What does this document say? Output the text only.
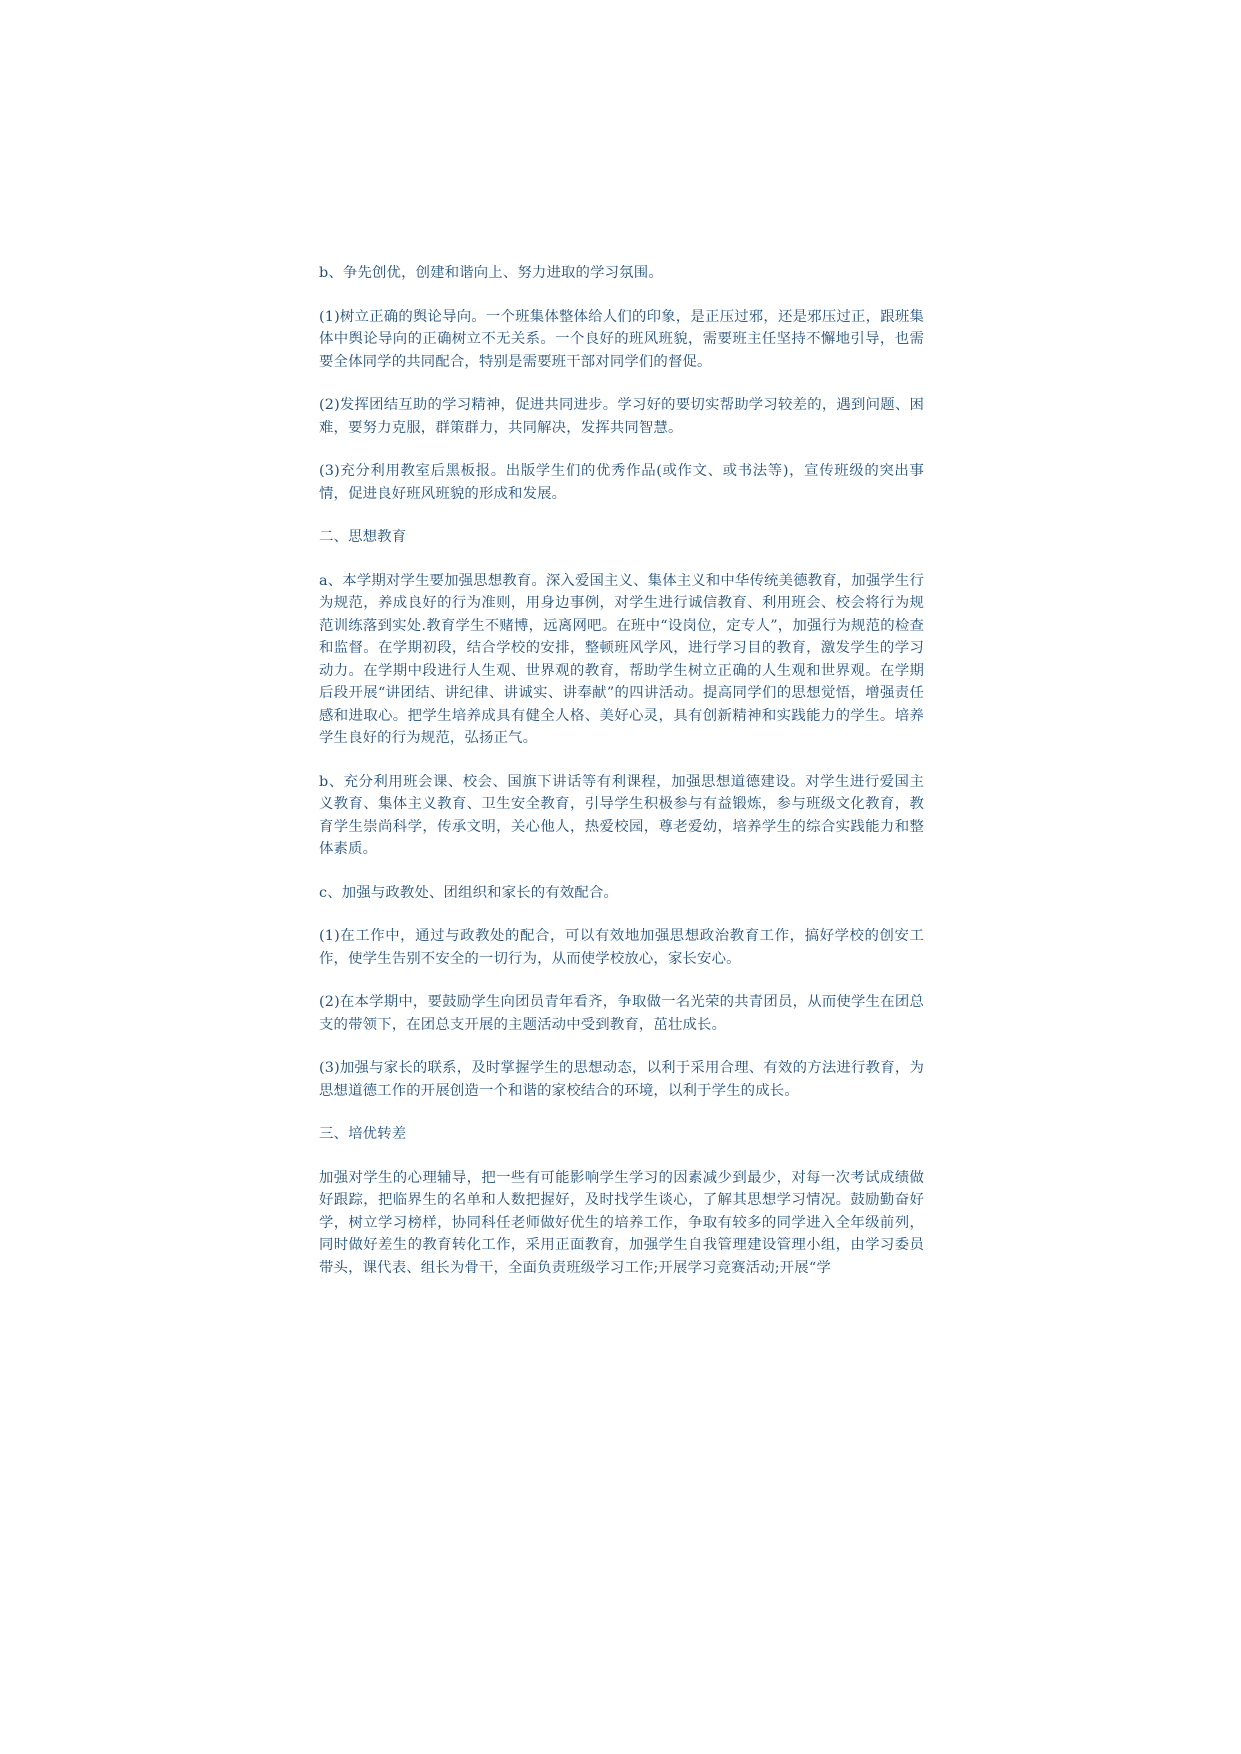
b、争先创优，创建和谐向上、努力进取的学习氛围。

(1)树立正确的舆论导向。一个班集体整体给人们的印象，是正压过邪，还是邪压过正，跟班集体中舆论导向的正确树立不无关系。一个良好的班风班貌，需要班主任坚持不懈地引导，也需要全体同学的共同配合，特别是需要班干部对同学们的督促。

(2)发挥团结互助的学习精神，促进共同进步。学习好的要切实帮助学习较差的，遇到问题、困难，要努力克服，群策群力，共同解决，发挥共同智慧。

(3)充分利用教室后黑板报。出版学生们的优秀作品(或作文、或书法等)，宣传班级的突出事情，促进良好班风班貌的形成和发展。

二、思想教育

a、本学期对学生要加强思想教育。深入爱国主义、集体主义和中华传统美德教育，加强学生行为规范，养成良好的行为准则，用身边事例，对学生进行诚信教育、利用班会、校会将行为规范训练落到实处.教育学生不赌博，远离网吧。在班中“设岗位，定专人”，加强行为规范的检查和监督。在学期初段，结合学校的安排，整顿班风学风，进行学习目的教育，激发学生的学习动力。在学期中段进行人生观、世界观的教育，帮助学生树立正确的人生观和世界观。在学期后段开展“讲团结、讲纪律、讲诚实、讲奉献”的四讲活动。提高同学们的思想觉悟，增强责任感和进取心。把学生培养成具有健全人格、美好心灵，具有创新精神和实践能力的学生。培养学生良好的行为规范，弘扬正气。

b、充分利用班会课、校会、国旗下讲话等有利课程，加强思想道德建设。对学生进行爱国主义教育、集体主义教育、卫生安全教育，引导学生积极参与有益锻炼，参与班级文化教育，教育学生崇尚科学，传承文明，关心他人，热爱校园，尊老爱幼，培养学生的综合实践能力和整体素质。

c、加强与政教处、团组织和家长的有效配合。

(1)在工作中，通过与政教处的配合，可以有效地加强思想政治教育工作，搞好学校的创安工作，使学生告别不安全的一切行为，从而使学校放心，家长安心。

(2)在本学期中，要鼓励学生向团员青年看齐，争取做一名光荣的共青团员，从而使学生在团总支的带领下，在团总支开展的主题活动中受到教育，茁壮成长。

(3)加强与家长的联系，及时掌握学生的思想动态，以利于采用合理、有效的方法进行教育，为思想道德工作的开展创造一个和谐的家校结合的环境，以利于学生的成长。

三、培优转差

加强对学生的心理辅导，把一些有可能影响学生学习的因素减少到最少，对每一次考试成绩做好跟踪，把临界生的名单和人数把握好，及时找学生谈心，了解其思想学习情况。鼓励勤奋好学，树立学习榜样，协同科任老师做好优生的培养工作，争取有较多的同学进入全年级前列，同时做好差生的教育转化工作，采用正面教育，加强学生自我管理建设管理小组，由学习委员带头，课代表、组长为骨干，全面负责班级学习工作;开展学习竞赛活动;开展“学
